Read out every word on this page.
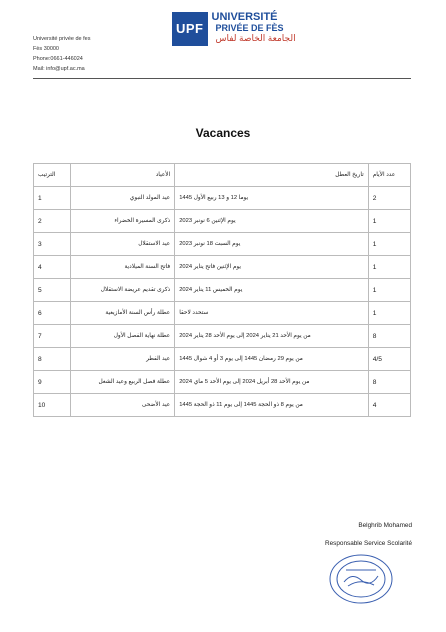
UPF
UNIVERSITÉ
PRIVÉE DE FÈS
الجامعة الخاصة لفاس
Université privée de fes
Fès 30000
Phone:0661-446024
Mail: info@upf.ac.ma
Vacances
الترتيب	الأعياد	تاريخ العطل	عدد الأيام
1	عيد المولد النبوي	يوما 12 و 13 ربيع الأول 1445	2
2	ذكرى المسيرة الخضراء	يوم الإثنين 6 نونبر 2023	1
3	عيد الاستقلال	يوم السبت 18 نونبر 2023	1
4	فاتح السنة الميلادية	يوم الإثنين فاتح يناير 2024	1
5	ذكرى تقديم عريضة الاستقلال	يوم الخميس 11 يناير 2024	1
6	عطلة رأس السنة الأمازيغية	ستحدد لاحقا	1
7	عطلة نهاية الفصل الأول	من يوم الأحد 21 يناير 2024 إلى يوم الأحد 28 يناير 2024	8
8	عيد الفطر	من يوم 29 رمضان 1445 إلى يوم 3 أو 4 شوال 1445	4/5
9	عطلة فصل الربيع وعيد الشغل	من يوم الأحد 28 أبريل 2024 إلى يوم الأحد 5 ماي 2024	8
10	عيد الأضحى	من يوم 8 ذو الحجة 1445 إلى يوم 11 ذو الحجة 1445	4
Belghrib Mohamed
Responsable Service Scolarité
